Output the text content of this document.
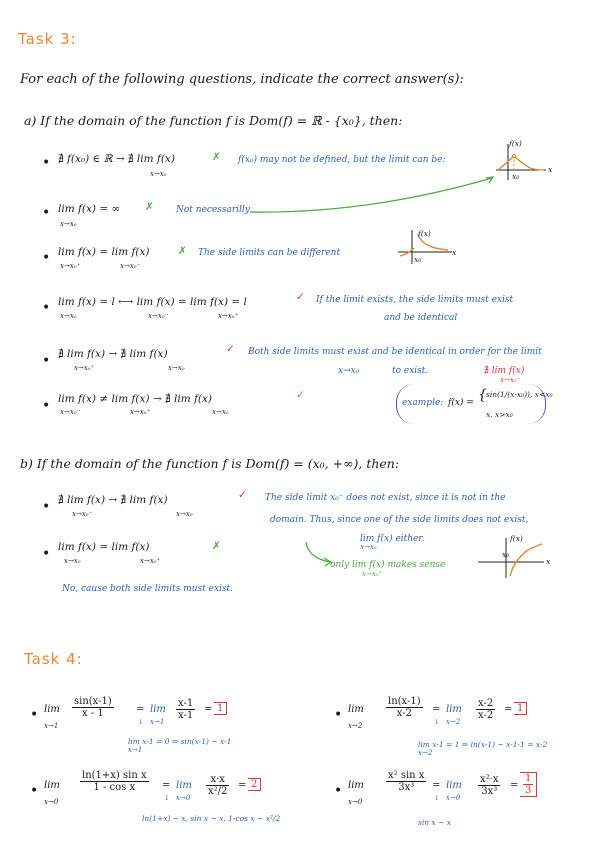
Task 3:
For each of the following questions, indicate the correct answer(s):
a) If the domain of the function f is Dom(f) = ℝ - {x₀}, then:
• ∄ f(x₀) ∈ ℝ → ∄ lim f(x)
x→x₀
✗ f(x₀) may not be defined, but the limit can be:
f(x)
x₀
x
• lim f(x) = ∞
x→x₀
✗ Not necessarilly
f(x)
x₀
x
• lim f(x) = lim f(x)
x→x₀⁺	x→x₀⁻
✗ The side limits can be different
• lim f(x) = l ⟷ lim f(x) = lim f(x) = l
x→x₀	x→x₀⁻	x→x₀⁺
✓ If the limit exists, the side limits must exist
and be identical
• ∄ lim f(x) → ∄ lim f(x)
x→x₀⁺	x→x₀
✓ Both side limits must exist and be identical in order for the limit
x→x₀	to exist.
• lim f(x) ≠ lim f(x) → ∄ lim f(x)
x→x₀⁻	x→x₀⁺	x→x₀
✓
∄ lim f(x)
x→x₀⁻
example: f(x) = { sin(1/(x-x₀)), x<x₀
x, x>x₀
b) If the domain of the function f is Dom(f) = (x₀, +∞), then:
• ∄ lim f(x) → ∄ lim f(x)
x→x₀⁻	x→x₀
✓ The side limit x₀⁻ does not exist, since it is not in the
domain. Thus, since one of the side limits does not exist,
lim f(x) either.
x→x₀
• lim f(x) = lim f(x)
x→x₀	x→x₀⁺
✗
No, cause both side limits must exist.
only lim f(x) makes sense
x→x₀⁺
f(x)
x₀
x
Task 4:
• lim
x→1
$\frac{\sin(x-1)}{x - 1} = \lim$
x→1
↓
$\frac{x-1}{x-1} = 1$
lim x-1 = 0 ⇒ sin(x-1) ~ x-1
x→1
• lim
x→2
$\frac{\ln(x-1)}{x-2} = \lim$
x→2
↓
$\frac{x-2}{x-2} = 1$
lim x-1 = 1 ⇒ ln(x-1) ~ x-1-1 = x-2
x→2
• lim
x→0
$\frac{\text{ln(1+x) sin x}}{\text{1 - cos x}} = \lim$
x→0
↓
$\frac{x\cdot x}{\text{x²/2}} = 2$
ln(1+x) ~ x, sin x ~ x, 1-cos x ~ x²/2
• lim
x→0
$\frac{\text{x² sin x}}{\text{3x³}} = \lim$
x→0
↓
$\frac{\text{x²·x}}{\text{3x³}} = \frac{1}{3}$
sin x ~ x
